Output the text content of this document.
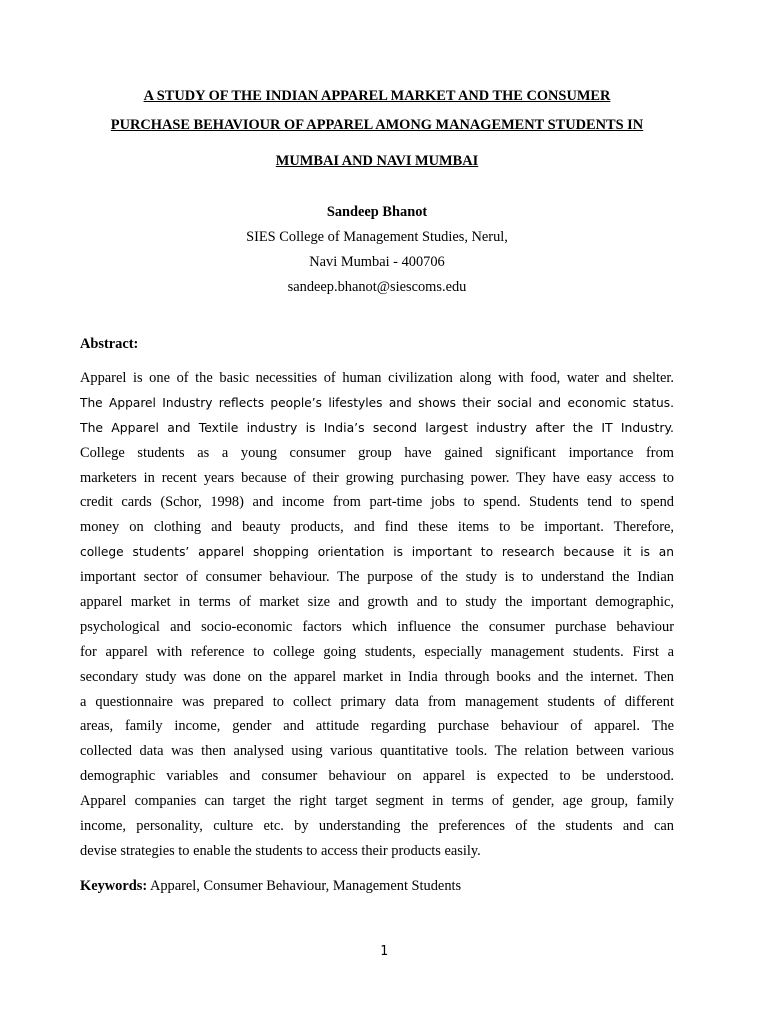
A STUDY OF THE INDIAN APPAREL MARKET AND THE CONSUMER
PURCHASE BEHAVIOUR OF APPAREL AMONG MANAGEMENT STUDENTS IN
MUMBAI AND NAVI MUMBAI
Sandeep Bhanot
SIES College of Management Studies, Nerul,
Navi Mumbai - 400706
sandeep.bhanot@siescoms.edu
Abstract:
Apparel is one of the basic necessities of human civilization along with food, water and shelter.
The Apparel Industry reflects people’s lifestyles and shows their social and economic status.
The Apparel and Textile industry is India’s second largest industry after the IT Industry.
College students as a young consumer group have gained significant importance from
marketers in recent years because of their growing purchasing power. They have easy access to
credit cards (Schor, 1998) and income from part-time jobs to spend. Students tend to spend
money on clothing and beauty products, and find these items to be important. Therefore,
college students’ apparel shopping orientation is important to research because it is an
important sector of consumer behaviour. The purpose of the study is to understand the Indian
apparel market in terms of market size and growth and to study the important demographic,
psychological and socio-economic factors which influence the consumer purchase behaviour
for apparel with reference to college going students, especially management students. First a
secondary study was done on the apparel market in India through books and the internet. Then
a questionnaire was prepared to collect primary data from management students of different
areas, family income, gender and attitude regarding purchase behaviour of apparel. The
collected data was then analysed using various quantitative tools. The relation between various
demographic variables and consumer behaviour on apparel is expected to be understood.
Apparel companies can target the right target segment in terms of gender, age group, family
income, personality, culture etc. by understanding the preferences of the students and can
devise strategies to enable the students to access their products easily.
Keywords: Apparel, Consumer Behaviour, Management Students
1
